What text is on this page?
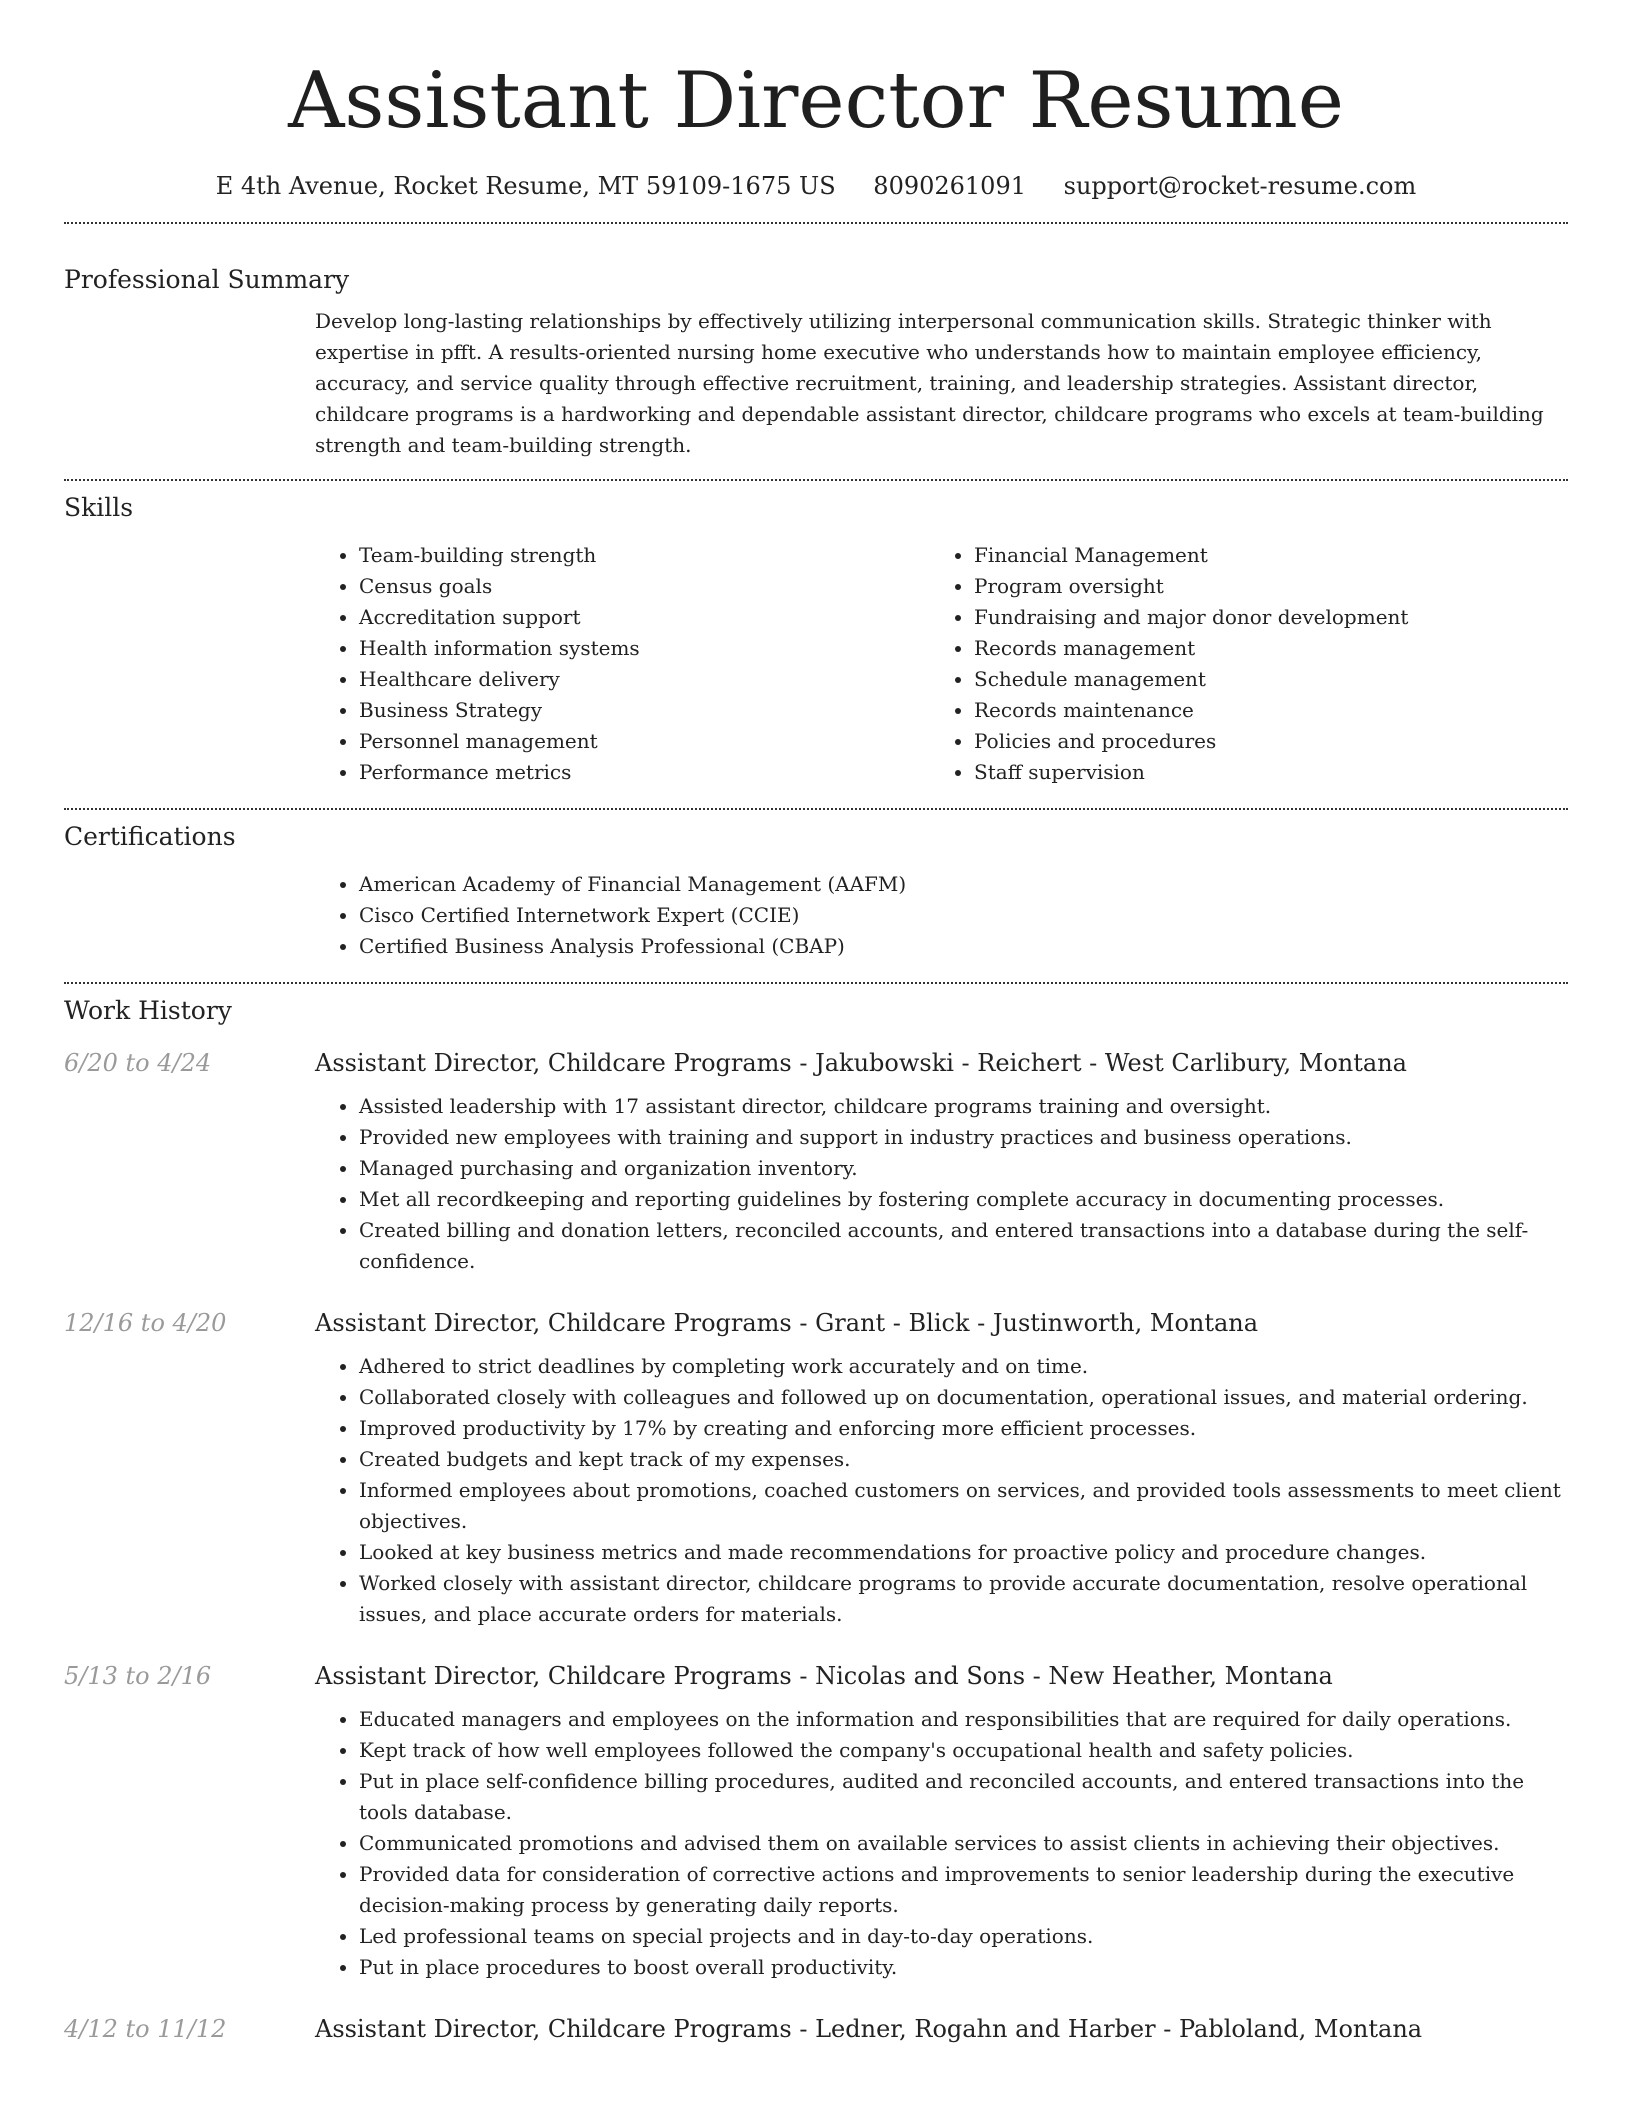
Assistant Director Resume
E 4th Avenue, Rocket Resume, MT 59109-1675 US 8090261091 support@rocket-resume.com
Professional Summary

Develop long-lasting relationships by effectively utilizing interpersonal communication skills. Strategic thinker with expertise in pfft. A results-oriented nursing home executive who understands how to maintain employee efficiency, accuracy, and service quality through effective recruitment, training, and leadership strategies. Assistant director, childcare programs is a hardworking and dependable assistant director, childcare programs who excels at team-building strength and team-building strength.

Skills
• Team-building strength
• Census goals
• Accreditation support
• Health information systems
• Healthcare delivery
• Business Strategy
• Personnel management
• Performance metrics
• Financial Management
• Program oversight
• Fundraising and major donor development
• Records management
• Schedule management
• Records maintenance
• Policies and procedures
• Staff supervision
Certifications
• American Academy of Financial Management (AAFM)
• Cisco Certified Internetwork Expert (CCIE)
• Certified Business Analysis Professional (CBAP)
Work History
6/20 to 4/24	Assistant Director, Childcare Programs - Jakubowski - Reichert - West Carlibury, Montana
• Assisted leadership with 17 assistant director, childcare programs training and oversight.
• Provided new employees with training and support in industry practices and business operations.
• Managed purchasing and organization inventory.
• Met all recordkeeping and reporting guidelines by fostering complete accuracy in documenting processes.
• Created billing and donation letters, reconciled accounts, and entered transactions into a database during the self-confidence.
12/16 to 4/20	Assistant Director, Childcare Programs - Grant - Blick - Justinworth, Montana
• Adhered to strict deadlines by completing work accurately and on time.
• Collaborated closely with colleagues and followed up on documentation, operational issues, and material ordering.
• Improved productivity by 17% by creating and enforcing more efficient processes.
• Created budgets and kept track of my expenses.
• Informed employees about promotions, coached customers on services, and provided tools assessments to meet client objectives.
• Looked at key business metrics and made recommendations for proactive policy and procedure changes.
• Worked closely with assistant director, childcare programs to provide accurate documentation, resolve operational issues, and place accurate orders for materials.
5/13 to 2/16	Assistant Director, Childcare Programs - Nicolas and Sons - New Heather, Montana
• Educated managers and employees on the information and responsibilities that are required for daily operations.
• Kept track of how well employees followed the company's occupational health and safety policies.
• Put in place self-confidence billing procedures, audited and reconciled accounts, and entered transactions into the tools database.
• Communicated promotions and advised them on available services to assist clients in achieving their objectives.
• Provided data for consideration of corrective actions and improvements to senior leadership during the executive decision-making process by generating daily reports.
• Led professional teams on special projects and in day-to-day operations.
• Put in place procedures to boost overall productivity.
4/12 to 11/12	Assistant Director, Childcare Programs - Ledner, Rogahn and Harber - Pabloland, Montana
